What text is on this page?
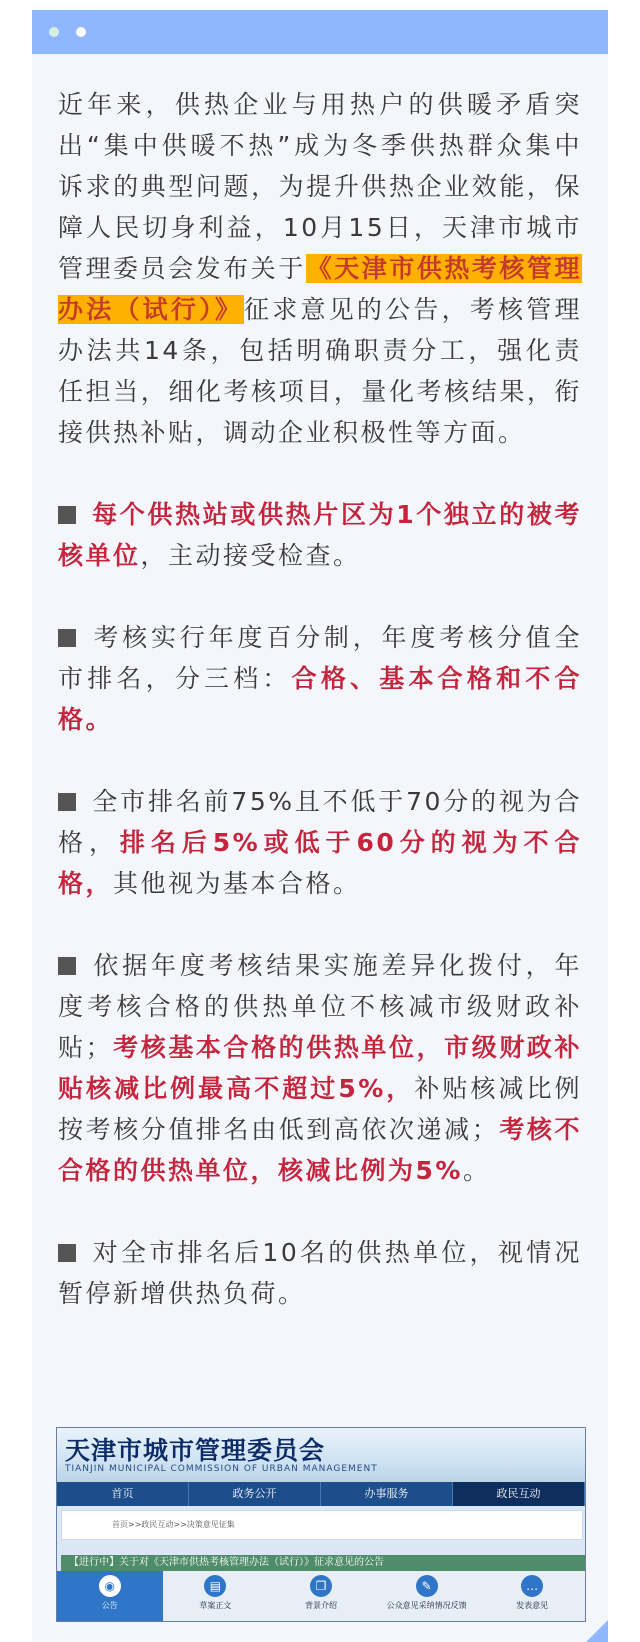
近年来，供热企业与用热户的供暖矛盾突出“集中供暖不热”成为冬季供热群众集中诉求的典型问题，为提升供热企业效能，保障人民切身利益，10月15日，天津市城市管理委员会发布关于《天津市供热考核管理办法（试行）》征求意见的公告，考核管理办法共14条，包括明确职责分工，强化责任担当，细化考核项目，量化考核结果，衔接供热补贴，调动企业积极性等方面。

每个供热站或供热片区为1个独立的被考核单位，主动接受检查。

考核实行年度百分制，年度考核分值全市排名，分三档：合格、基本合格和不合格。

全市排名前75%且不低于70分的视为合格，排名后5%或低于60分的视为不合格，其他视为基本合格。

依据年度考核结果实施差异化拨付，年度考核合格的供热单位不核减市级财政补贴；考核基本合格的供热单位，市级财政补贴核减比例最高不超过5%，补贴核减比例按考核分值排名由低到高依次递减；考核不合格的供热单位，核减比例为5%。

对全市排名后10名的供热单位，视情况暂停新增供热负荷。

天津市城市管理委员会
TIANJIN MUNICIPAL COMMISSION OF URBAN MANAGEMENT
首页	政务公开	办事服务	政民互动
首页>>政民互动>>决策意见征集
【进行中】关于对《天津市供热考核管理办法（试行）》征求意见的公告
◉
公告
▤
草案正文
❐
背景介绍
✎
公众意见采纳情况反馈
…
发表意见
